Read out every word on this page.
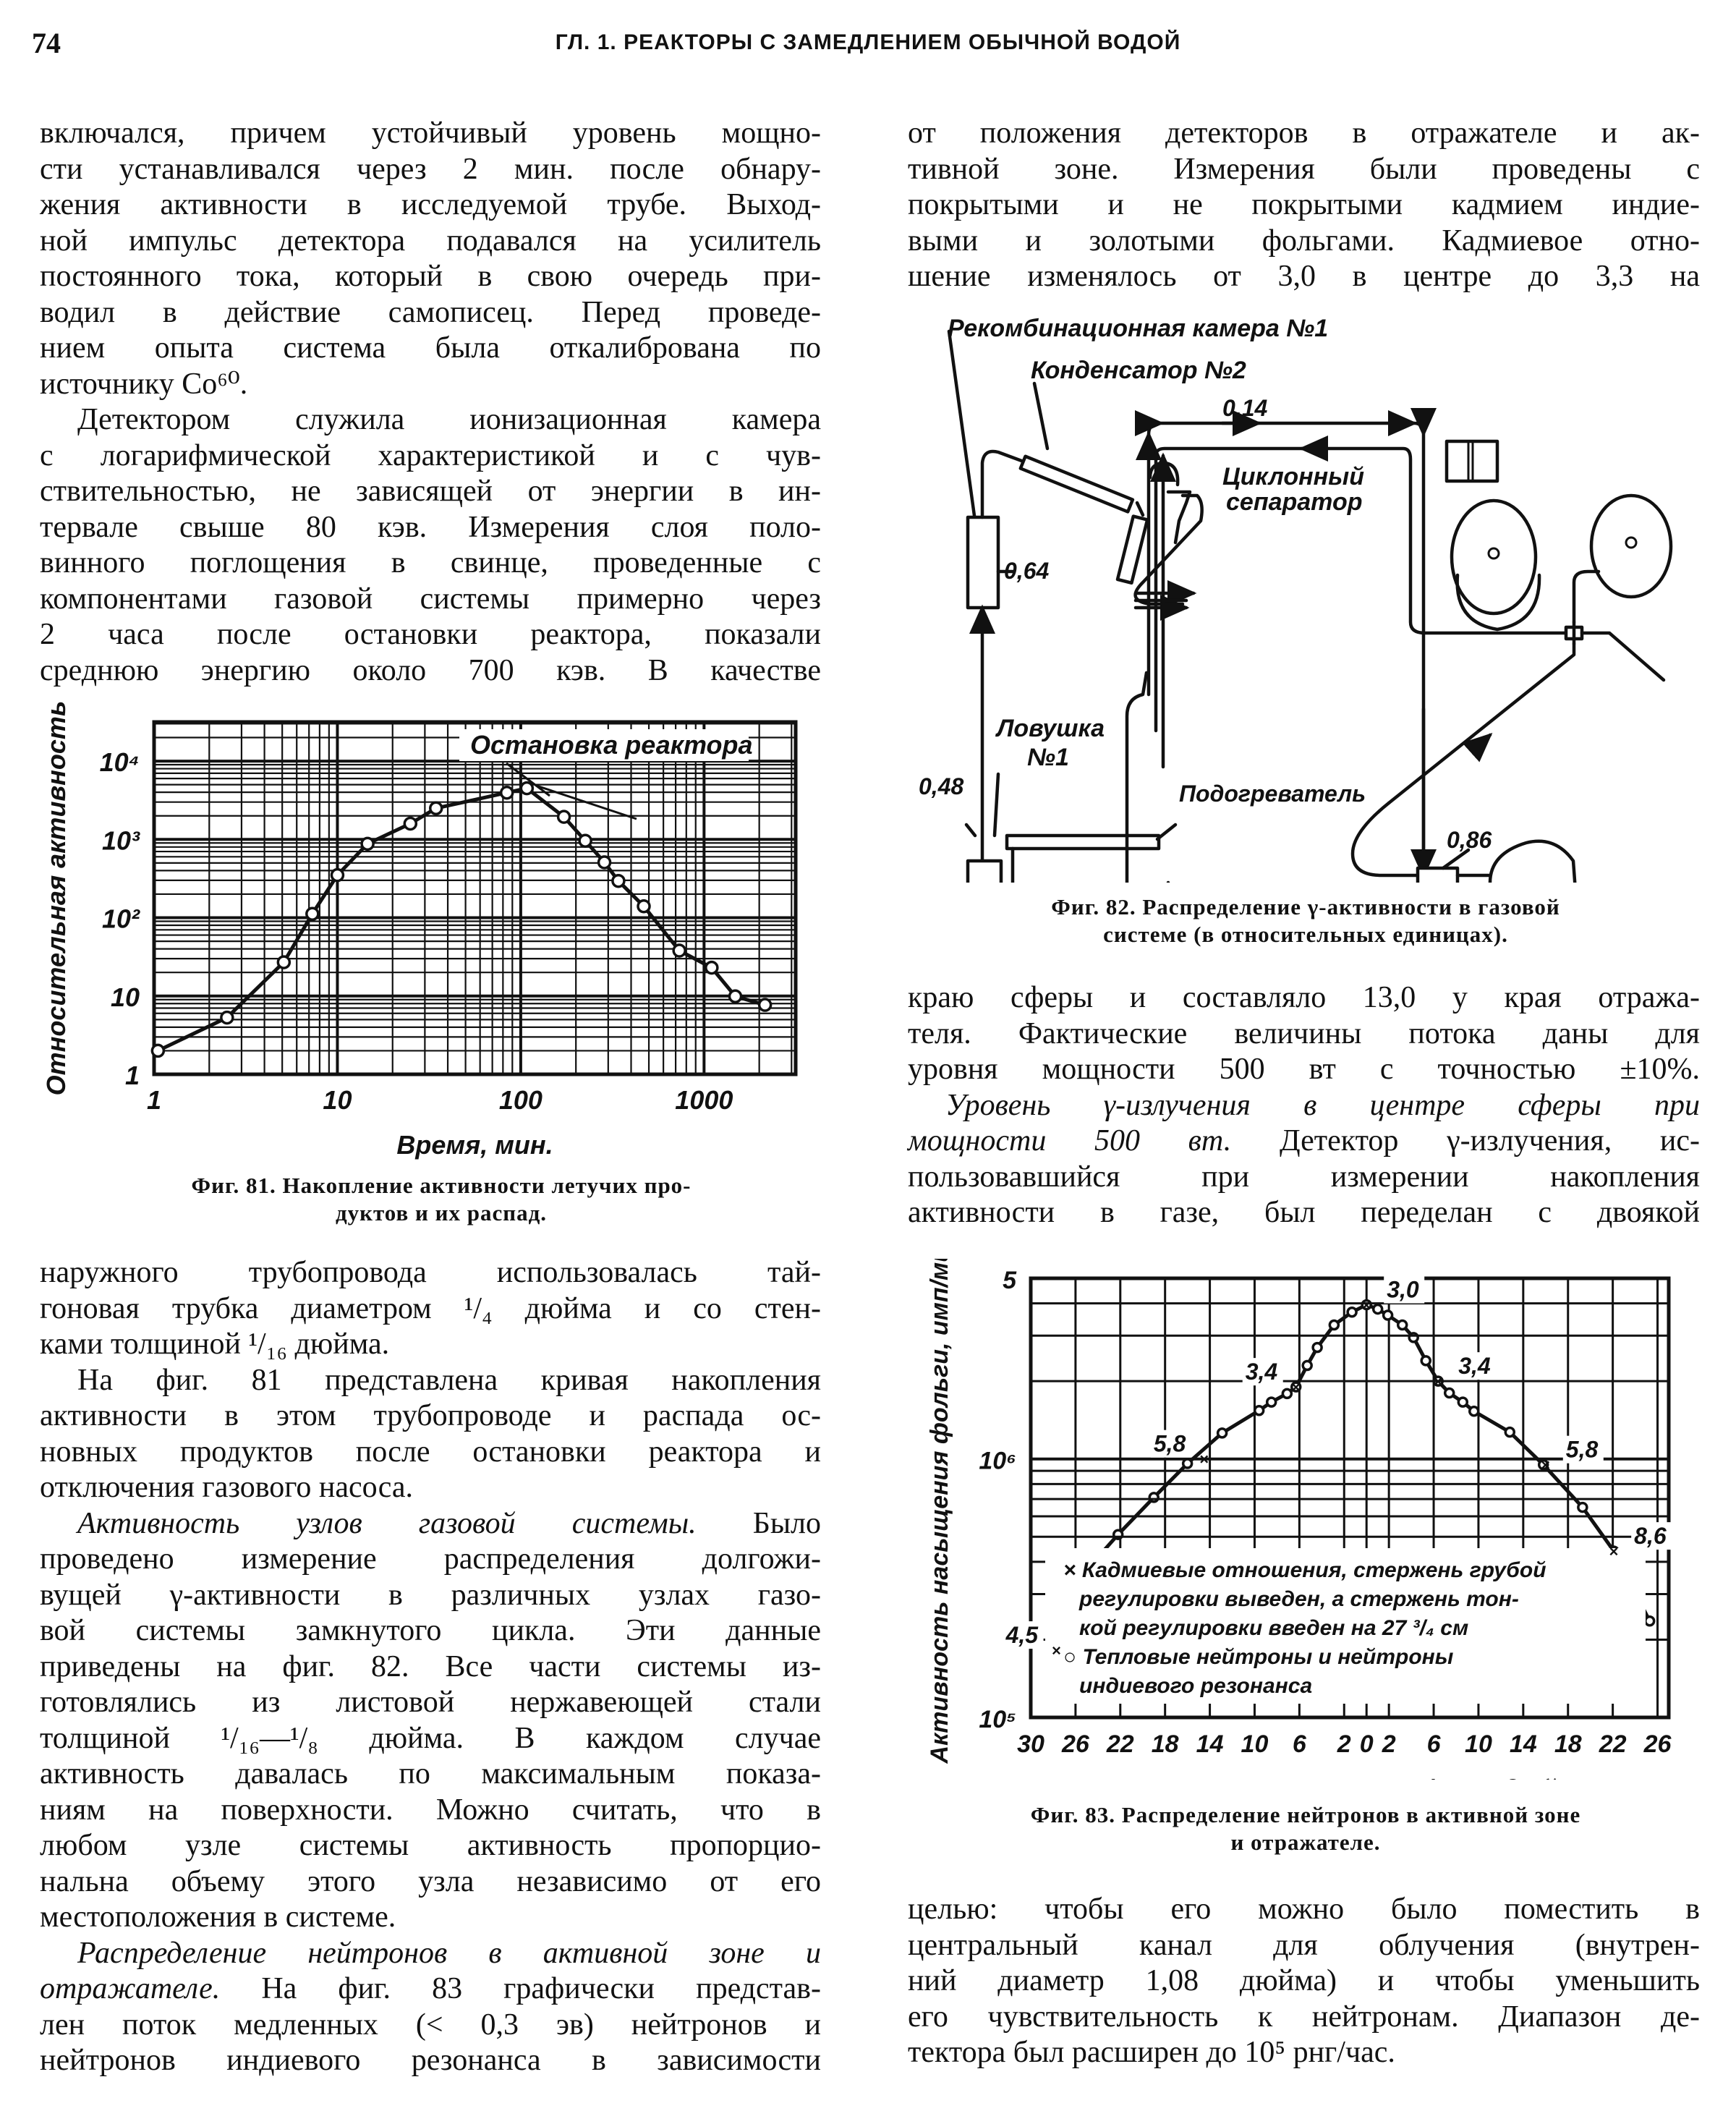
74	ГЛ. 1. РЕАКТОРЫ С ЗАМЕДЛЕНИЕМ ОБЫЧНОЙ ВОДОЙ
включался, причем устойчивый уровень мощно-
сти устанавливался через 2 мин. после обнару-
жения активности в исследуемой трубе. Выход-
ной импульс детектора подавался на усилитель
постоянного тока, который в свою очередь при-
водил в действие самописец. Перед проведе-
нием опыта система была откалибрована по
источнику Co⁶⁰.
Детектором служила ионизационная камера
с логарифмической характеристикой и с чув-
ствительностью, не зависящей от энергии в ин-
тервале свыше 80 кэв. Измерения слоя поло-
винного поглощения в свинце, проведенные с
компонентами газовой системы примерно через
2 часа после остановки реактора, показали
среднюю энергию около 700 кэв. В качестве
1	10	100	1000
1
10
10²
10³
10⁴
Время, мин.
Относительная активность	Остановка реактора
Фиг. 81. Накопление активности летучих про-
дуктов и их распад.
наружного трубопровода использовалась тай-
гоновая трубка диаметром ¹/₄ дюйма и со стен-
ками толщиной ¹/₁₆ дюйма.
На фиг. 81 представлена кривая накопления
активности в этом трубопроводе и распада ос-
новных продуктов после остановки реактора и
отключения газового насоса.
Активность узлов газовой системы. Было
проведено измерение распределения долгожи-
вущей γ-активности в различных узлах газо-
вой системы замкнутого цикла. Эти данные
приведены на фиг. 82. Все части системы из-
готовлялись из листовой нержавеющей стали
толщиной ¹/₁₆—¹/₈ дюйма. В каждом случае
активность давалась по максимальным показа-
ниям на поверхности. Можно считать, что в
любом узле системы активность пропорцио-
нальна объему этого узла независимо от его
местоположения в системе.
Распределение нейтронов в активной зоне и
отражателе. На фиг. 83 графически представ-
лен поток медленных (< 0,3 эв) нейтронов и
нейтронов индиевого резонанса в зависимости
от положения детекторов в отражателе и ак-
тивной зоне. Измерения были проведены с
покрытыми и не покрытыми кадмием индие-
выми и золотыми фольгами. Кадмиевое отно-
шение изменялось от 3,0 в центре до 3,3 на
Рекомбинационная камера №1
Конденсатор №2
0,14
Циклонный
сепаратор
0,64
Ловушка
№1
0,48	Подогреватель
0,86
Фиг. 82. Распределение γ-активности в газовой
системе (в относительных единицах).
краю сферы и составляло 13,0 у края отража-
теля. Фактические величины потока даны для
уровня мощности 500 вт с точностью ±10%.
Уровень γ-излучения в центре сферы при
мощности 500 вт. Детектор γ-излучения, ис-
пользовавшийся при измерении накопления
активности в газе, был переделан с двоякой
30 26 22 18 14 10 6 2 0 2 6 10 14 18 22 26
10⁵
10⁶
5
Активность насыщения фольги, имп/мин	× Кадмиевые отношения, стержень грубой
регулировки выведен, а стержень тон-
кой регулировки введен на 27 ³/₄ см
○ Тепловые нейтроны и нейтроны
индиевого резонанса
3,0
×
3,4
×
3,4
×
5,8
×	5,8
×
4,5
×
8,6
×
Фиг. 83. Распределение нейтронов в активной зоне
и отражателе.
целью: чтобы его можно было поместить в
центральный канал для облучения (внутрен-
ний диаметр 1,08 дюйма) и чтобы уменьшить
его чувствительность к нейтронам. Диапазон де-
тектора был расширен до 10⁵ рнг/час.
